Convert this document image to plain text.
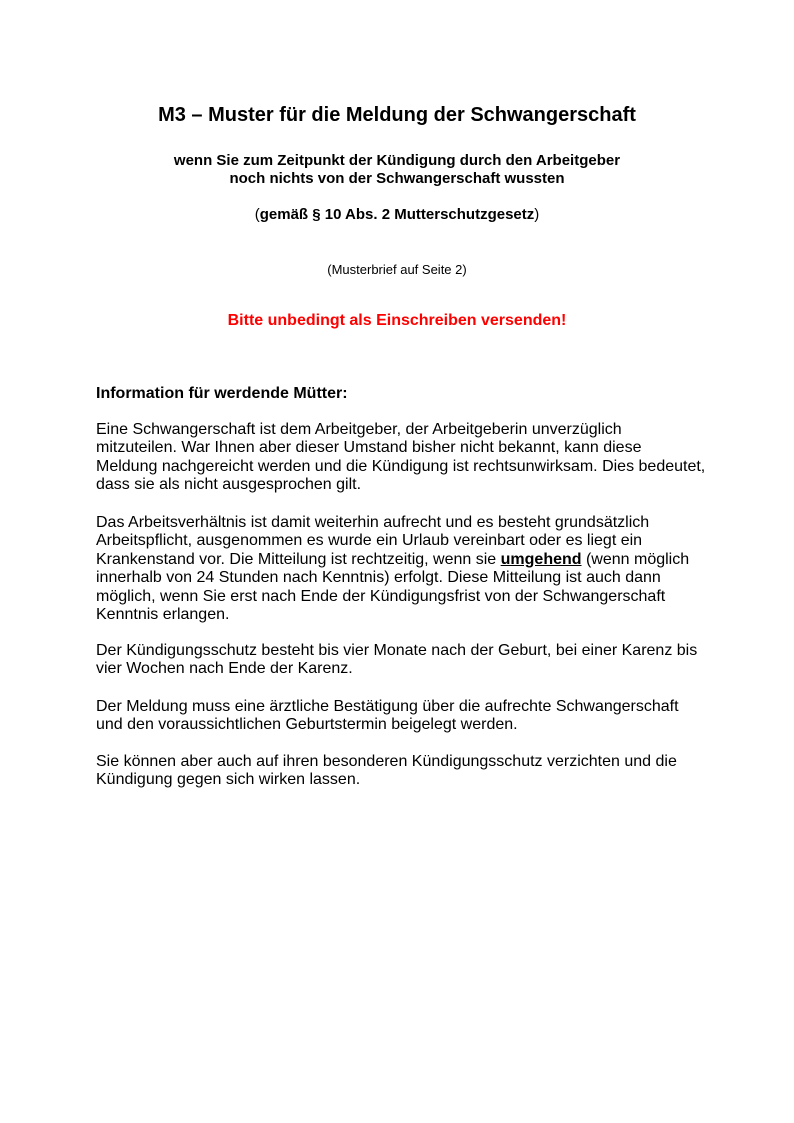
M3 – Muster für die Meldung der Schwangerschaft
wenn Sie zum Zeitpunkt der Kündigung durch den Arbeitgeber
noch nichts von der Schwangerschaft wussten
(gemäß § 10 Abs. 2 Mutterschutzgesetz)
(Musterbrief auf Seite 2)
Bitte unbedingt als Einschreiben versenden!
Information für werdende Mütter:
Eine Schwangerschaft ist dem Arbeitgeber, der Arbeitgeberin unverzüglich mitzuteilen. War Ihnen aber dieser Umstand bisher nicht bekannt, kann diese Meldung nachgereicht werden und die Kündigung ist rechtsunwirksam. Dies bedeutet, dass sie als nicht ausgesprochen gilt.
Das Arbeitsverhältnis ist damit weiterhin aufrecht und es besteht grundsätzlich Arbeitspflicht, ausgenommen es wurde ein Urlaub vereinbart oder es liegt ein Krankenstand vor. Die Mitteilung ist rechtzeitig, wenn sie umgehend (wenn möglich innerhalb von 24 Stunden nach Kenntnis) erfolgt. Diese Mitteilung ist auch dann möglich, wenn Sie erst nach Ende der Kündigungsfrist von der Schwangerschaft Kenntnis erlangen.
Der Kündigungsschutz besteht bis vier Monate nach der Geburt, bei einer Karenz bis vier Wochen nach Ende der Karenz.
Der Meldung muss eine ärztliche Bestätigung über die aufrechte Schwangerschaft und den voraussichtlichen Geburtstermin beigelegt werden.
Sie können aber auch auf ihren besonderen Kündigungsschutz verzichten und die Kündigung gegen sich wirken lassen.
